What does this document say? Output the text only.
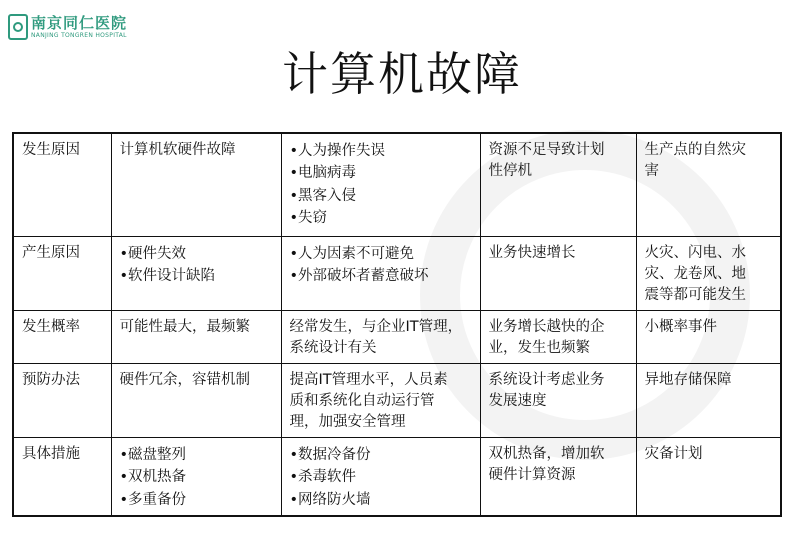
南京同仁医院
NANJING TONGREN HOSPITAL
计算机故障
发生原因	计算机软硬件故障	•人为操作失误
•电脑病毒
•黑客入侵
•失窃	资源不足导致计划
性停机	生产点的自然灾
害

产生原因	•硬件失效
•软件设计缺陷	•人为因素不可避免
•外部破坏者蓄意破坏	业务快速增长	火灾、闪电、水
灾、龙卷风、地
震等都可能发生

发生概率	可能性最大，最频繁	经常发生，与企业IT管理，
系统设计有关	业务增长越快的企
业，发生也频繁	小概率事件

预防办法	硬件冗余，容错机制	提高IT管理水平，人员素
质和系统化自动运行管
理，加强安全管理	系统设计考虑业务
发展速度	异地存储保障

具体措施	•磁盘整列
•双机热备
•多重备份	•数据冷备份
•杀毒软件
•网络防火墙	双机热备，增加软
硬件计算资源	灾备计划
